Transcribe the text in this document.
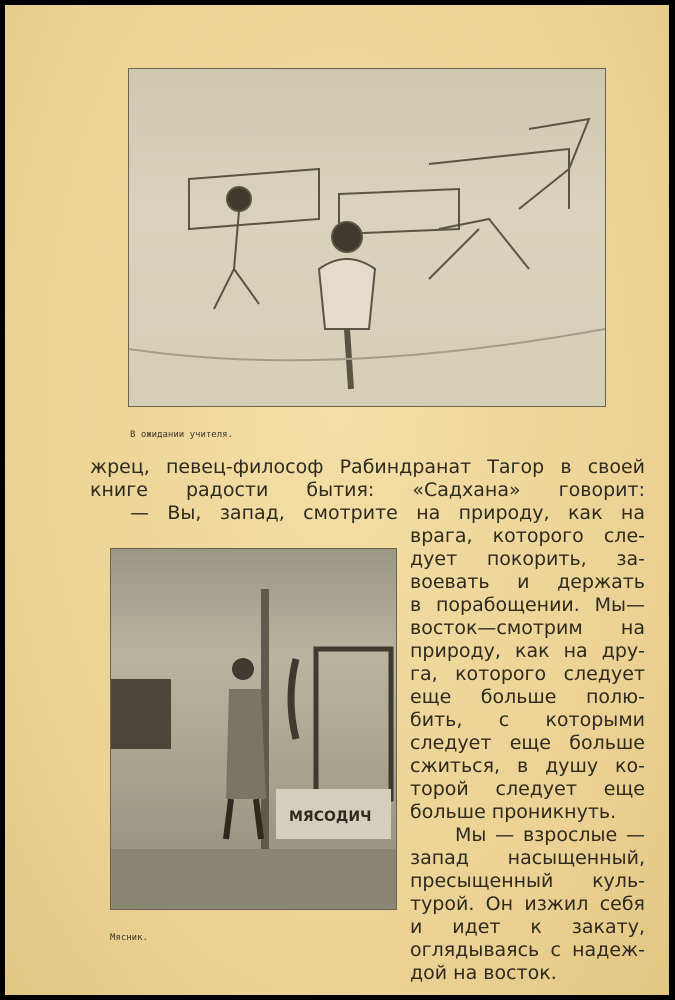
В ожидании учителя.
жрец, певец-философ Рабиндранат Тагор в своей
книге радости бытия: «Садхана» говорит:
— Вы, запад, смотрите на природу, как на
МЯСОДИЧ
Мясник.
врага, которого сле-
дует покорить, за-
воевать и держать
в порабощении. Мы—
восток—смотрим на
природу, как на дру-
га, которого следует
еще больше полю-
бить, с которыми
следует еще больше
сжиться, в душу ко-
торой следует еще
больше проникнуть.
Мы — взрослые —
запад насыщенный,
пресыщенный куль-
турой. Он изжил себя
и идет к закату,
оглядываясь с надеж-
дой на восток.
